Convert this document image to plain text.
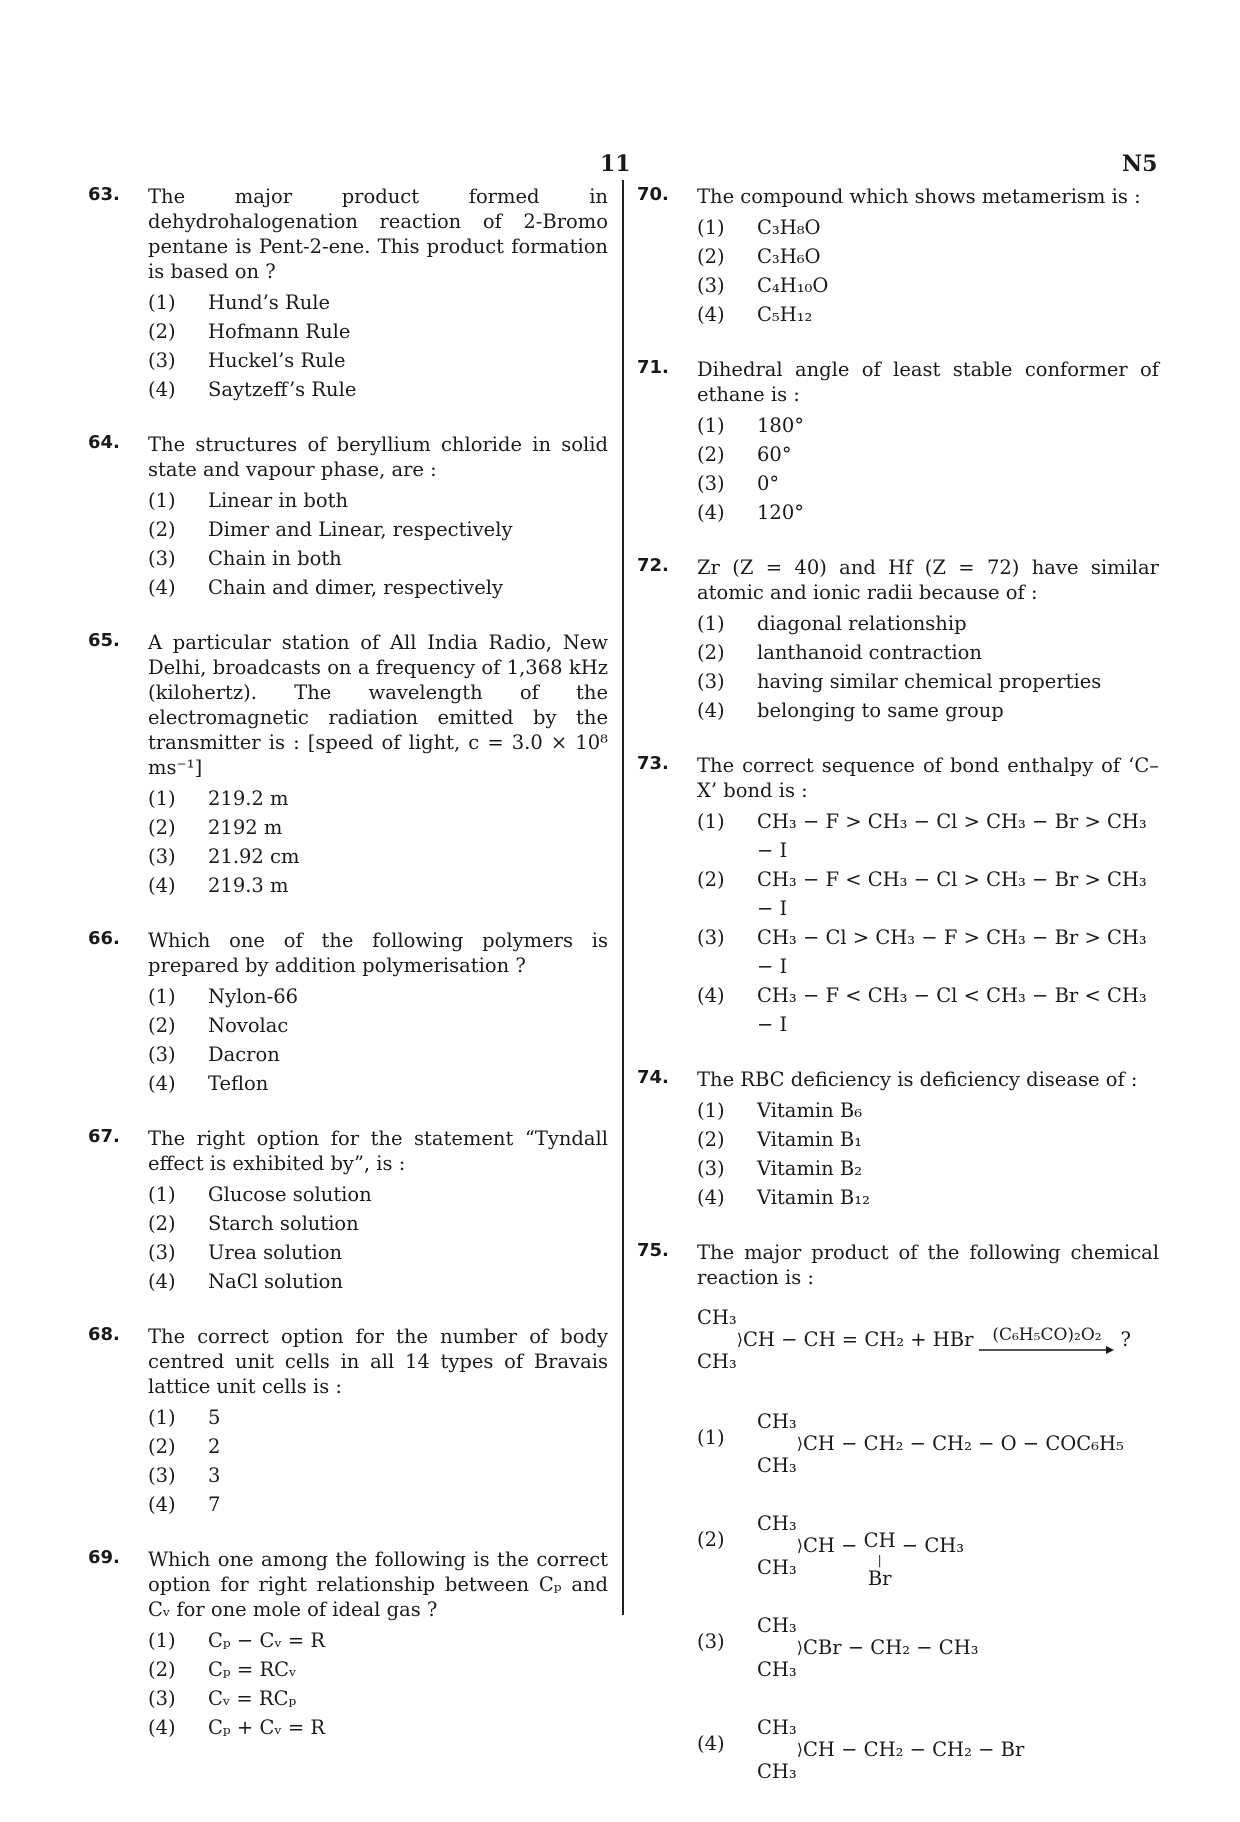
11	N5
63. The major product formed in dehydrohalogenation reaction of 2-Bromo pentane is Pent-2-ene. This product formation is based on ?
(1) Hund’s Rule
(2) Hofmann Rule
(3) Huckel’s Rule
(4) Saytzeff’s Rule
64. The structures of beryllium chloride in solid state and vapour phase, are :
(1) Linear in both
(2) Dimer and Linear, respectively
(3) Chain in both
(4) Chain and dimer, respectively
65. A particular station of All India Radio, New Delhi, broadcasts on a frequency of 1,368 kHz (kilohertz). The wavelength of the electromagnetic radiation emitted by the transmitter is : [speed of light, c = 3.0 × 10⁸ ms⁻¹]
(1) 219.2 m
(2) 2192 m
(3) 21.92 cm
(4) 219.3 m
66. Which one of the following polymers is prepared by addition polymerisation ?
(1) Nylon-66
(2) Novolac
(3) Dacron
(4) Teflon
67. The right option for the statement “Tyndall effect is exhibited by”, is :
(1) Glucose solution
(2) Starch solution
(3) Urea solution
(4) NaCl solution
68. The correct option for the number of body centred unit cells in all 14 types of Bravais lattice unit cells is :
(1) 5
(2) 2
(3) 3
(4) 7
69. Which one among the following is the correct option for right relationship between Cₚ and Cᵥ for one mole of ideal gas ?
(1) Cₚ − Cᵥ = R
(2) Cₚ = RCᵥ
(3) Cᵥ = RCₚ
(4) Cₚ + Cᵥ = R
70. The compound which shows metamerism is :
(1) C₃H₈O
(2) C₃H₆O
(3) C₄H₁₀O
(4) C₅H₁₂
71. Dihedral angle of least stable conformer of ethane is :
(1) 180°
(2) 60°
(3) 0°
(4) 120°
72. Zr (Z = 40) and Hf (Z = 72) have similar atomic and ionic radii because of :
(1) diagonal relationship
(2) lanthanoid contraction
(3) having similar chemical properties
(4) belonging to same group
73. The correct sequence of bond enthalpy of ‘C–X’ bond is :
(1) CH₃ − F > CH₃ − Cl > CH₃ − Br > CH₃ − I
(2) CH₃ − F < CH₃ − Cl > CH₃ − Br > CH₃ − I
(3) CH₃ − Cl > CH₃ − F > CH₃ − Br > CH₃ − I
(4) CH₃ − F < CH₃ − Cl < CH₃ − Br < CH₃ − I
74. The RBC deficiency is deficiency disease of :
(1) Vitamin B₆
(2) Vitamin B₁
(3) Vitamin B₂
(4) Vitamin B₁₂
75. The major product of the following chemical reaction is :
CH₃
CH₃
⟩ CH − CH = CH₂ + HBr (C₆H₅CO)₂O₂ ?
(1)
CH₃
CH₃
⟩ CH − CH₂ − CH₂ − O − COC₆H₅
(2)
CH₃
CH₃
⟩ CH − CH
|
Br
− CH₃
(3)
CH₃
CH₃
⟩ CBr − CH₂ − CH₃
(4)
CH₃
CH₃
⟩ CH − CH₂ − CH₂ − Br
